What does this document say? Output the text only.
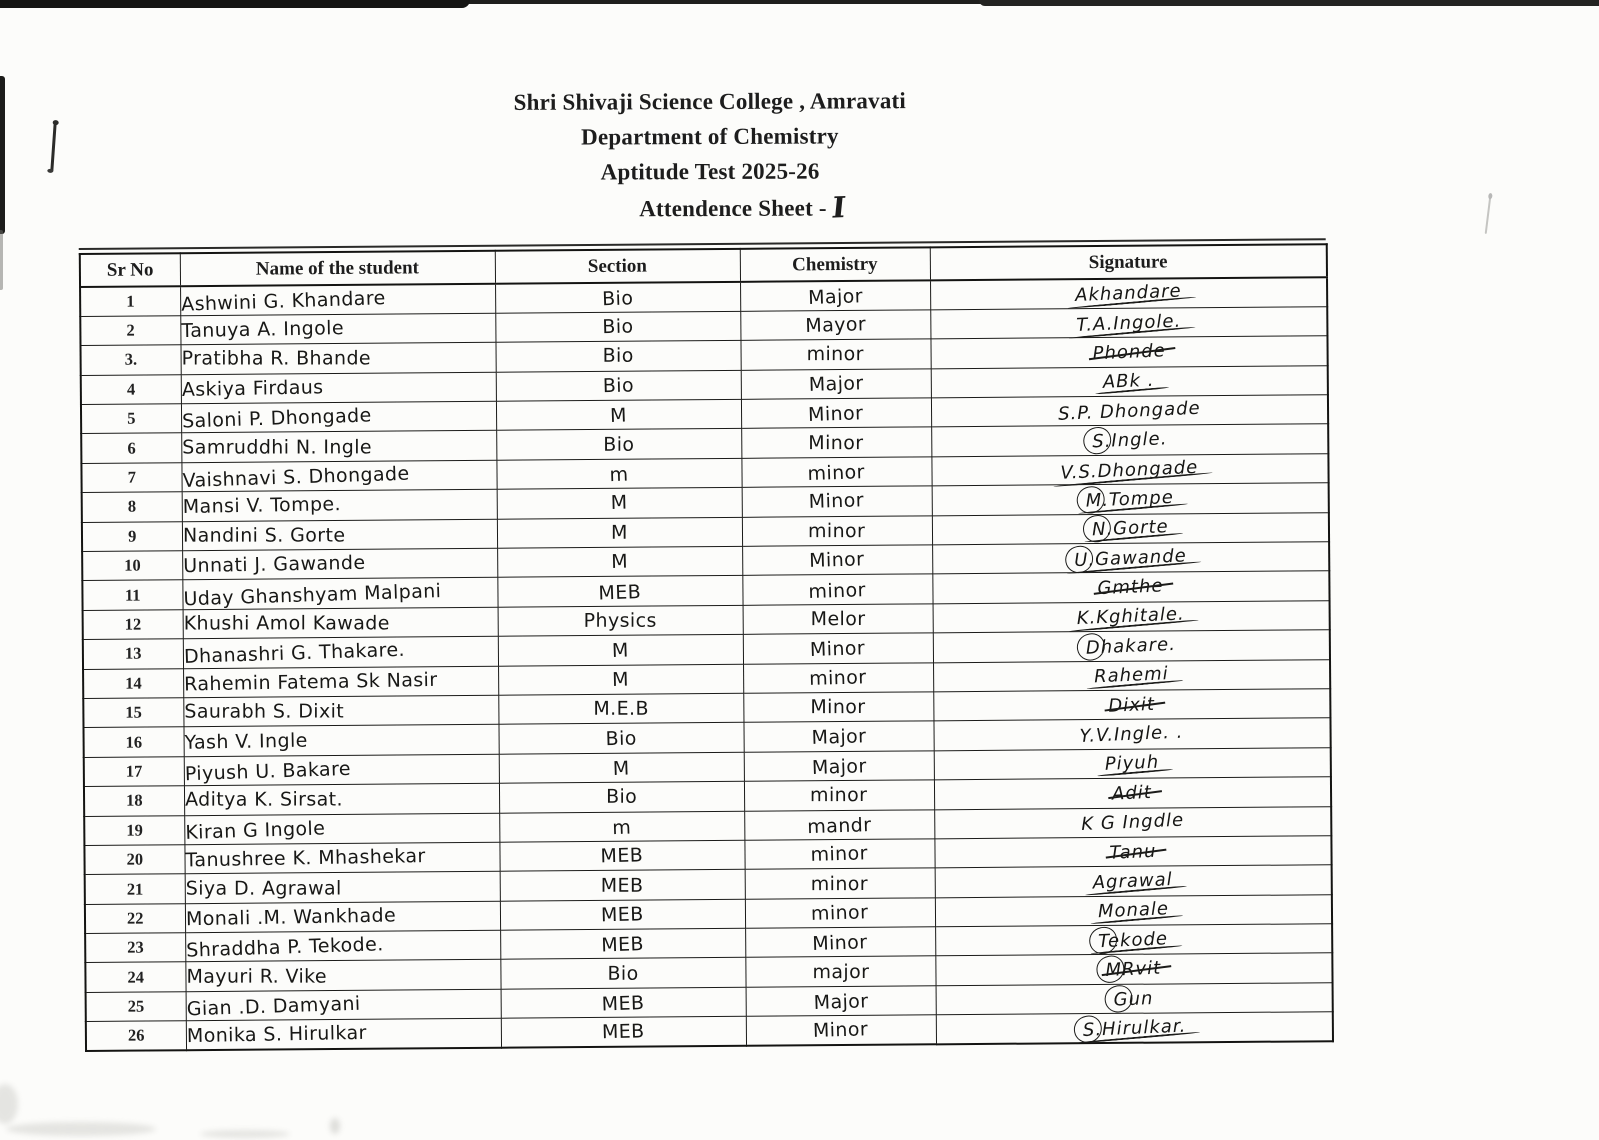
Shri Shivaji Science College , Amravati
Department of Chemistry
Aptitude Test 2025-26
Attendence Sheet - I
Sr No	Name of the student	Section	Chemistry	Signature
1	Ashwini G. Khandare	Bio	Major	Akhandare
2	Tanuya A. Ingole	Bio	Mayor	T.A.Ingole.
3.	Pratibha R. Bhande	Bio	minor	Phonde
4	Askiya Firdaus	Bio	Major	ABk .
5	Saloni P. Dhongade	M	Minor	S.P. Dhongade
6	Samruddhi N. Ingle	Bio	Minor	S.Ingle.
7	Vaishnavi S. Dhongade	m	minor	V.S.Dhongade
8	Mansi V. Tompe.	M	Minor	M.Tompe
9	Nandini S. Gorte	M	minor	N.Gorte
10	Unnati J. Gawande	M	Minor	U.Gawande
11	Uday Ghanshyam Malpani	MEB	minor	Gmthe
12	Khushi Amol Kawade	Physics	Melor	K.Kghitale.
13	Dhanashri G. Thakare.	M	Minor	Dhakare.
14	Rahemin Fatema Sk Nasir	M	minor	Rahemi
15	Saurabh S. Dixit	M.E.B	Minor	Dixit
16	Yash V. Ingle	Bio	Major	Y.V.Ingle. .
17	Piyush U. Bakare	M	Major	Piyuh
18	Aditya K. Sirsat.	Bio	minor	Adit
19	Kiran G Ingole	m	mandr	K G Ingdle
20	Tanushree K. Mhashekar	MEB	minor	Tanu
21	Siya D. Agrawal	MEB	minor	Agrawal
22	Monali .M. Wankhade	MEB	minor	Monale
23	Shraddha P. Tekode.	MEB	Minor	Tekode
24	Mayuri R. Vike	Bio	major	MRvit
25	Gian .D. Damyani	MEB	Major	Gun
26	Monika S. Hirulkar	MEB	Minor	S.Hirulkar.
